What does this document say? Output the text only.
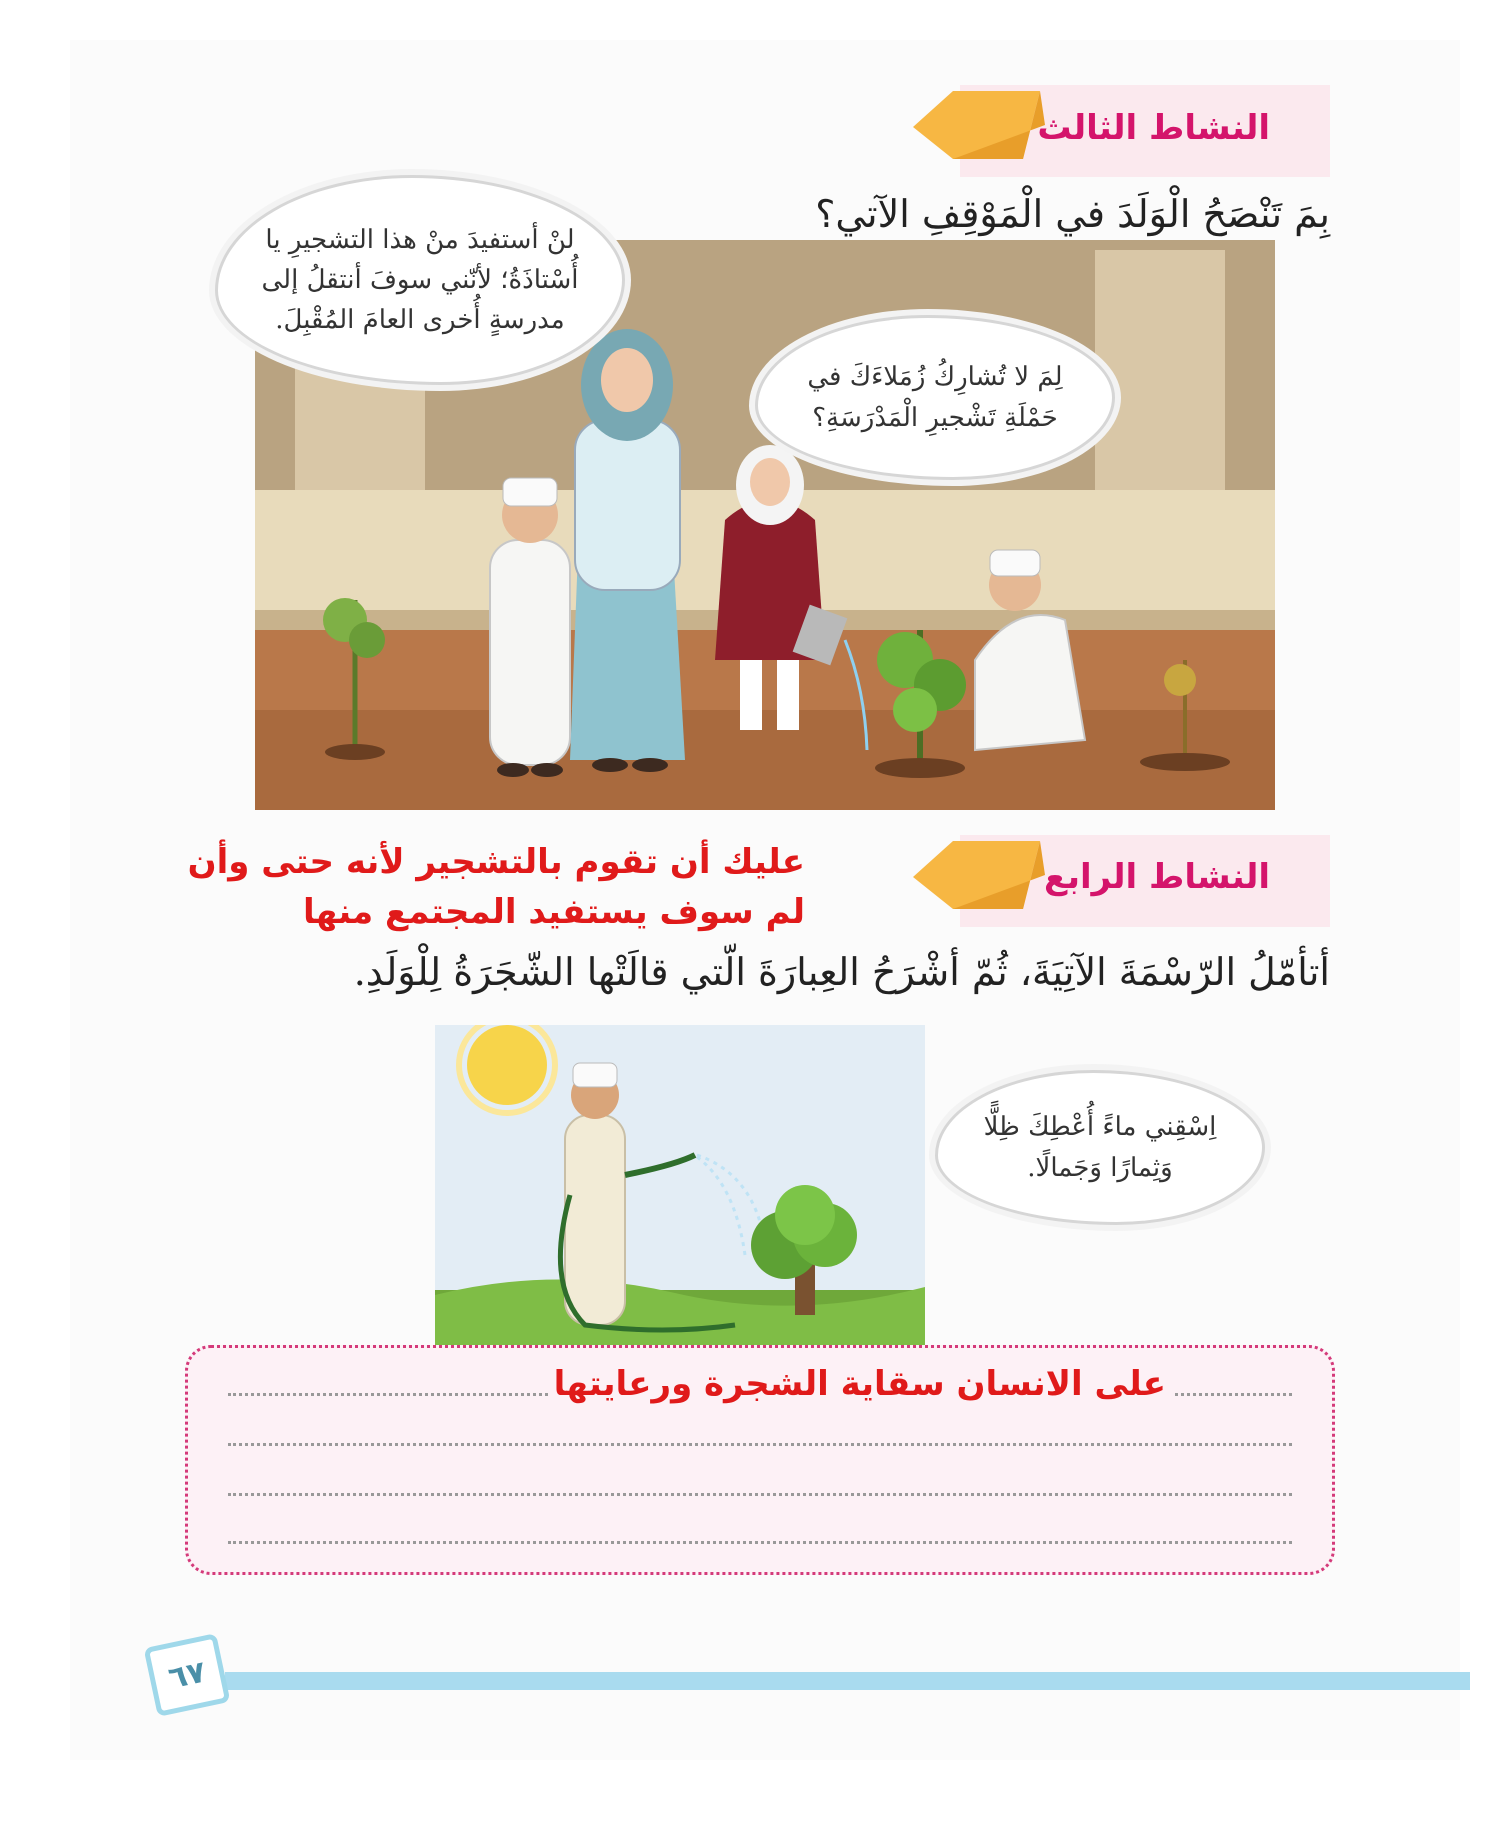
النشاط الثالث
بِمَ تَنْصَحُ الْوَلَدَ في الْمَوْقِفِ الآتي؟
لنْ أستفيدَ منْ هذا التشجيرِ يا أُسْتاذَةُ؛ لأنّني سوفَ أنتقلُ إلى مدرسةٍ أُخرى العامَ المُقْبِلَ.
لِمَ لا تُشارِكُ زُمَلاءَكَ في حَمْلَةِ تَشْجيرِ الْمَدْرَسَةِ؟
النشاط الرابع
عليك أن تقوم بالتشجير لأنه حتى وأن
لم سوف يستفيد المجتمع منها
أتأمّلُ الرّسْمَةَ الآتِيَةَ، ثُمّ أشْرَحُ العِبارَةَ الّتي قالَتْها الشّجَرَةُ لِلْوَلَدِ.
اِسْقِني ماءً أُعْطِكَ ظِلًّا
وَثِمارًا وَجَمالًا.
على الانسان سقاية الشجرة ورعايتها
٦٧
